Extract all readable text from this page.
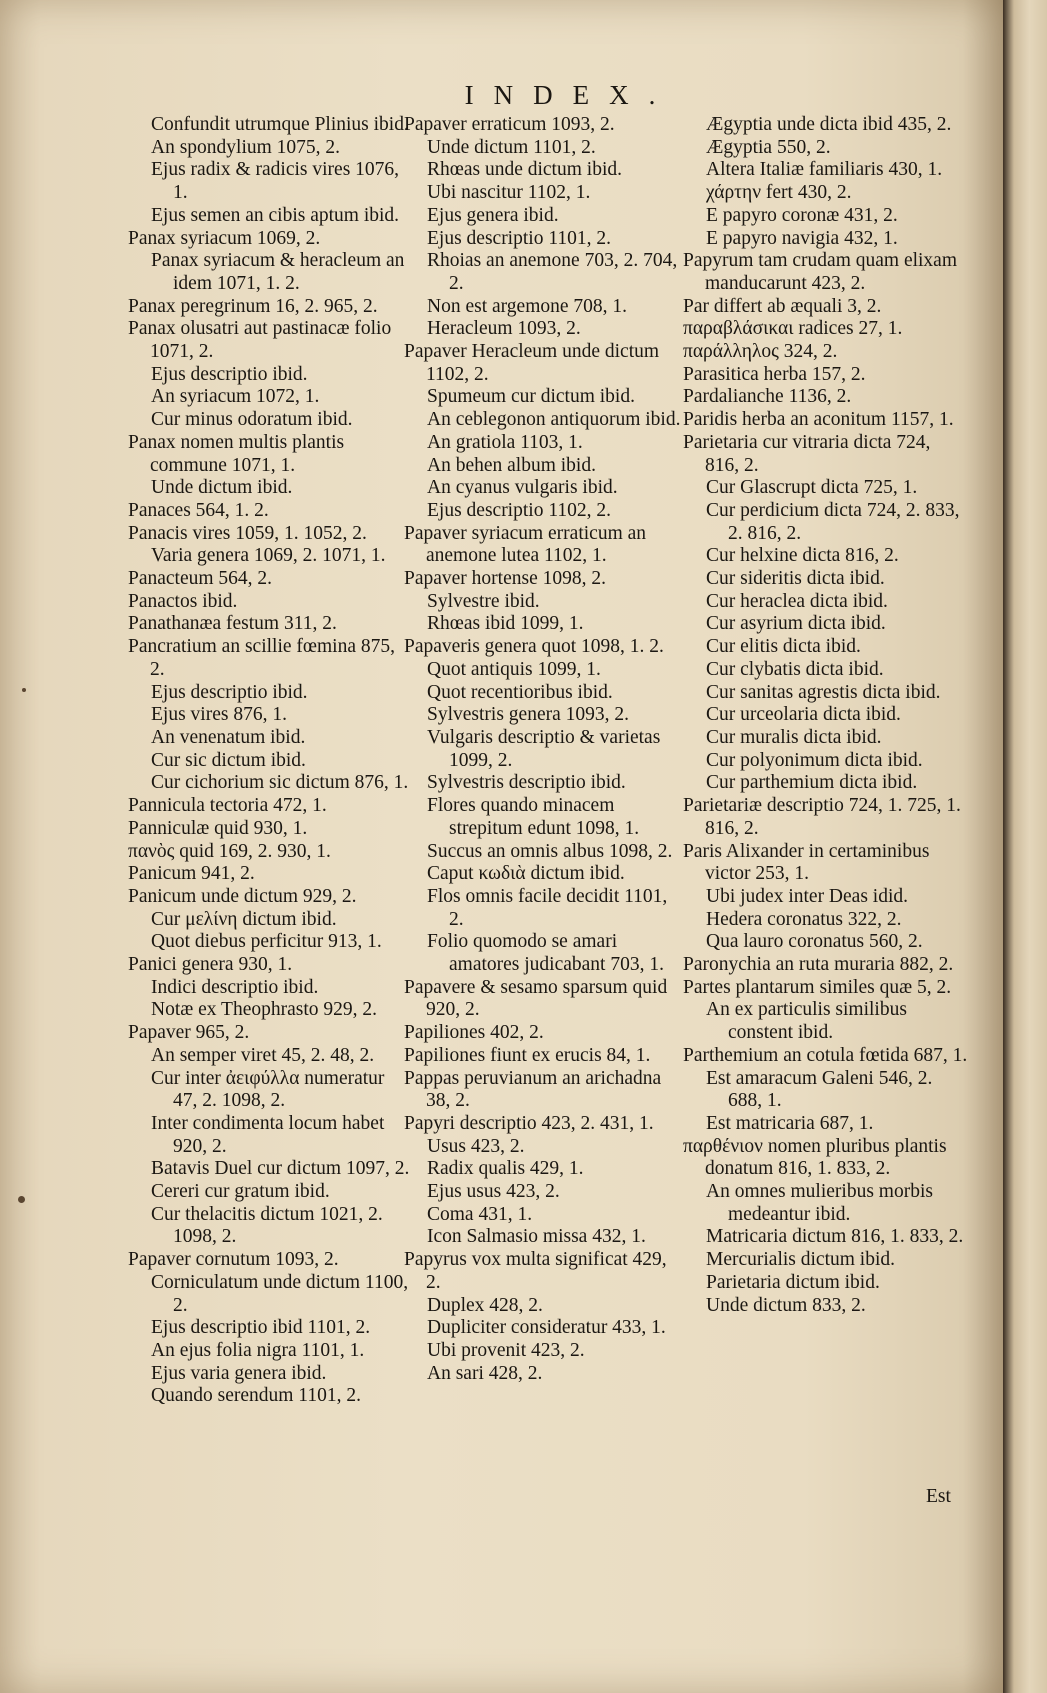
INDEX.
Confundit utrumque Plinius ibid.
An spondylium 1075, 2.
Ejus radix & radicis vires 1076, 1.
Ejus semen an cibis aptum ibid.
Panax syriacum 1069, 2.
Panax syriacum & heracleum an idem 1071, 1. 2.
Panax peregrinum 16, 2. 965, 2.
Panax olusatri aut pastinacæ folio 1071, 2.
Ejus descriptio ibid.
An syriacum 1072, 1.
Cur minus odoratum ibid.
Panax nomen multis plantis commune 1071, 1.
Unde dictum ibid.
Panaces 564, 1. 2.
Panacis vires 1059, 1. 1052, 2.
Varia genera 1069, 2. 1071, 1.
Panacteum 564, 2.
Panactos ibid.
Panathanæa festum 311, 2.
Pancratium an scillie fœmina 875, 2.
Ejus descriptio ibid.
Ejus vires 876, 1.
An venenatum ibid.
Cur sic dictum ibid.
Cur cichorium sic dictum 876, 1.
Pannicula tectoria 472, 1.
Panniculæ quid 930, 1.
πανὸς quid 169, 2. 930, 1.
Panicum 941, 2.
Panicum unde dictum 929, 2.
Cur μελίνη dictum ibid.
Quot diebus perficitur 913, 1.
Panici genera 930, 1.
Indici descriptio ibid.
Notæ ex Theophrasto 929, 2.
Papaver 965, 2.
An semper viret 45, 2. 48, 2.
Cur inter ἀειφύλλα numeratur 47, 2. 1098, 2.
Inter condimenta locum habet 920, 2.
Batavis Duel cur dictum 1097, 2.
Cereri cur gratum ibid.
Cur thelacitis dictum 1021, 2. 1098, 2.
Papaver cornutum 1093, 2.
Corniculatum unde dictum 1100, 2.
Ejus descriptio ibid 1101, 2.
An ejus folia nigra 1101, 1.
Ejus varia genera ibid.
Quando serendum 1101, 2.
Papaver erraticum 1093, 2.
Unde dictum 1101, 2.
Rhœas unde dictum ibid.
Ubi nascitur 1102, 1.
Ejus genera ibid.
Ejus descriptio 1101, 2.
Rhoias an anemone 703, 2. 704, 2.
Non est argemone 708, 1.
Heracleum 1093, 2.
Papaver Heracleum unde dictum 1102, 2.
Spumeum cur dictum ibid.
An ceblegonon antiquorum ibid.
An gratiola 1103, 1.
An behen album ibid.
An cyanus vulgaris ibid.
Ejus descriptio 1102, 2.
Papaver syriacum erraticum an anemone lutea 1102, 1.
Papaver hortense 1098, 2.
Sylvestre ibid.
Rhœas ibid 1099, 1.
Papaveris genera quot 1098, 1. 2.
Quot antiquis 1099, 1.
Quot recentioribus ibid.
Sylvestris genera 1093, 2.
Vulgaris descriptio & varietas 1099, 2.
Sylvestris descriptio ibid.
Flores quando minacem strepitum edunt 1098, 1.
Succus an omnis albus 1098, 2.
Caput κωδιὰ dictum ibid.
Flos omnis facile decidit 1101, 2.
Folio quomodo se amari amatores judicabant 703, 1.
Papavere & sesamo sparsum quid 920, 2.
Papiliones 402, 2.
Papiliones fiunt ex erucis 84, 1.
Pappas peruvianum an arichadna 38, 2.
Papyri descriptio 423, 2. 431, 1.
Usus 423, 2.
Radix qualis 429, 1.
Ejus usus 423, 2.
Coma 431, 1.
Icon Salmasio missa 432, 1.
Papyrus vox multa significat 429, 2.
Duplex 428, 2.
Dupliciter consideratur 433, 1.
Ubi provenit 423, 2.
An sari 428, 2.
Ægyptia unde dicta ibid 435, 2.
Ægyptia 550, 2.
Altera Italiæ familiaris 430, 1.
χάρτην fert 430, 2.
E papyro coronæ 431, 2.
E papyro navigia 432, 1.
Papyrum tam crudam quam elixam manducarunt 423, 2.
Par differt ab æquali 3, 2.
παραβλάσικαι radices 27, 1.
παράλληλος 324, 2.
Parasitica herba 157, 2.
Pardalianche 1136, 2.
Paridis herba an aconitum 1157, 1.
Parietaria cur vitraria dicta 724, 816, 2.
Cur Glascrupt dicta 725, 1.
Cur perdicium dicta 724, 2. 833, 2. 816, 2.
Cur helxine dicta 816, 2.
Cur sideritis dicta ibid.
Cur heraclea dicta ibid.
Cur asyrium dicta ibid.
Cur elitis dicta ibid.
Cur clybatis dicta ibid.
Cur sanitas agrestis dicta ibid.
Cur urceolaria dicta ibid.
Cur muralis dicta ibid.
Cur polyonimum dicta ibid.
Cur parthemium dicta ibid.
Parietariæ descriptio 724, 1. 725, 1. 816, 2.
Paris Alixander in certaminibus victor 253, 1.
Ubi judex inter Deas idid.
Hedera coronatus 322, 2.
Qua lauro coronatus 560, 2.
Paronychia an ruta muraria 882, 2.
Partes plantarum similes quæ 5, 2.
An ex particulis similibus constent ibid.
Parthemium an cotula fœtida 687, 1.
Est amaracum Galeni 546, 2. 688, 1.
Est matricaria 687, 1.
παρθένιον nomen pluribus plantis donatum 816, 1. 833, 2.
An omnes mulieribus morbis medeantur ibid.
Matricaria dictum 816, 1. 833, 2.
Mercurialis dictum ibid.
Parietaria dictum ibid.
Unde dictum 833, 2.
Est
